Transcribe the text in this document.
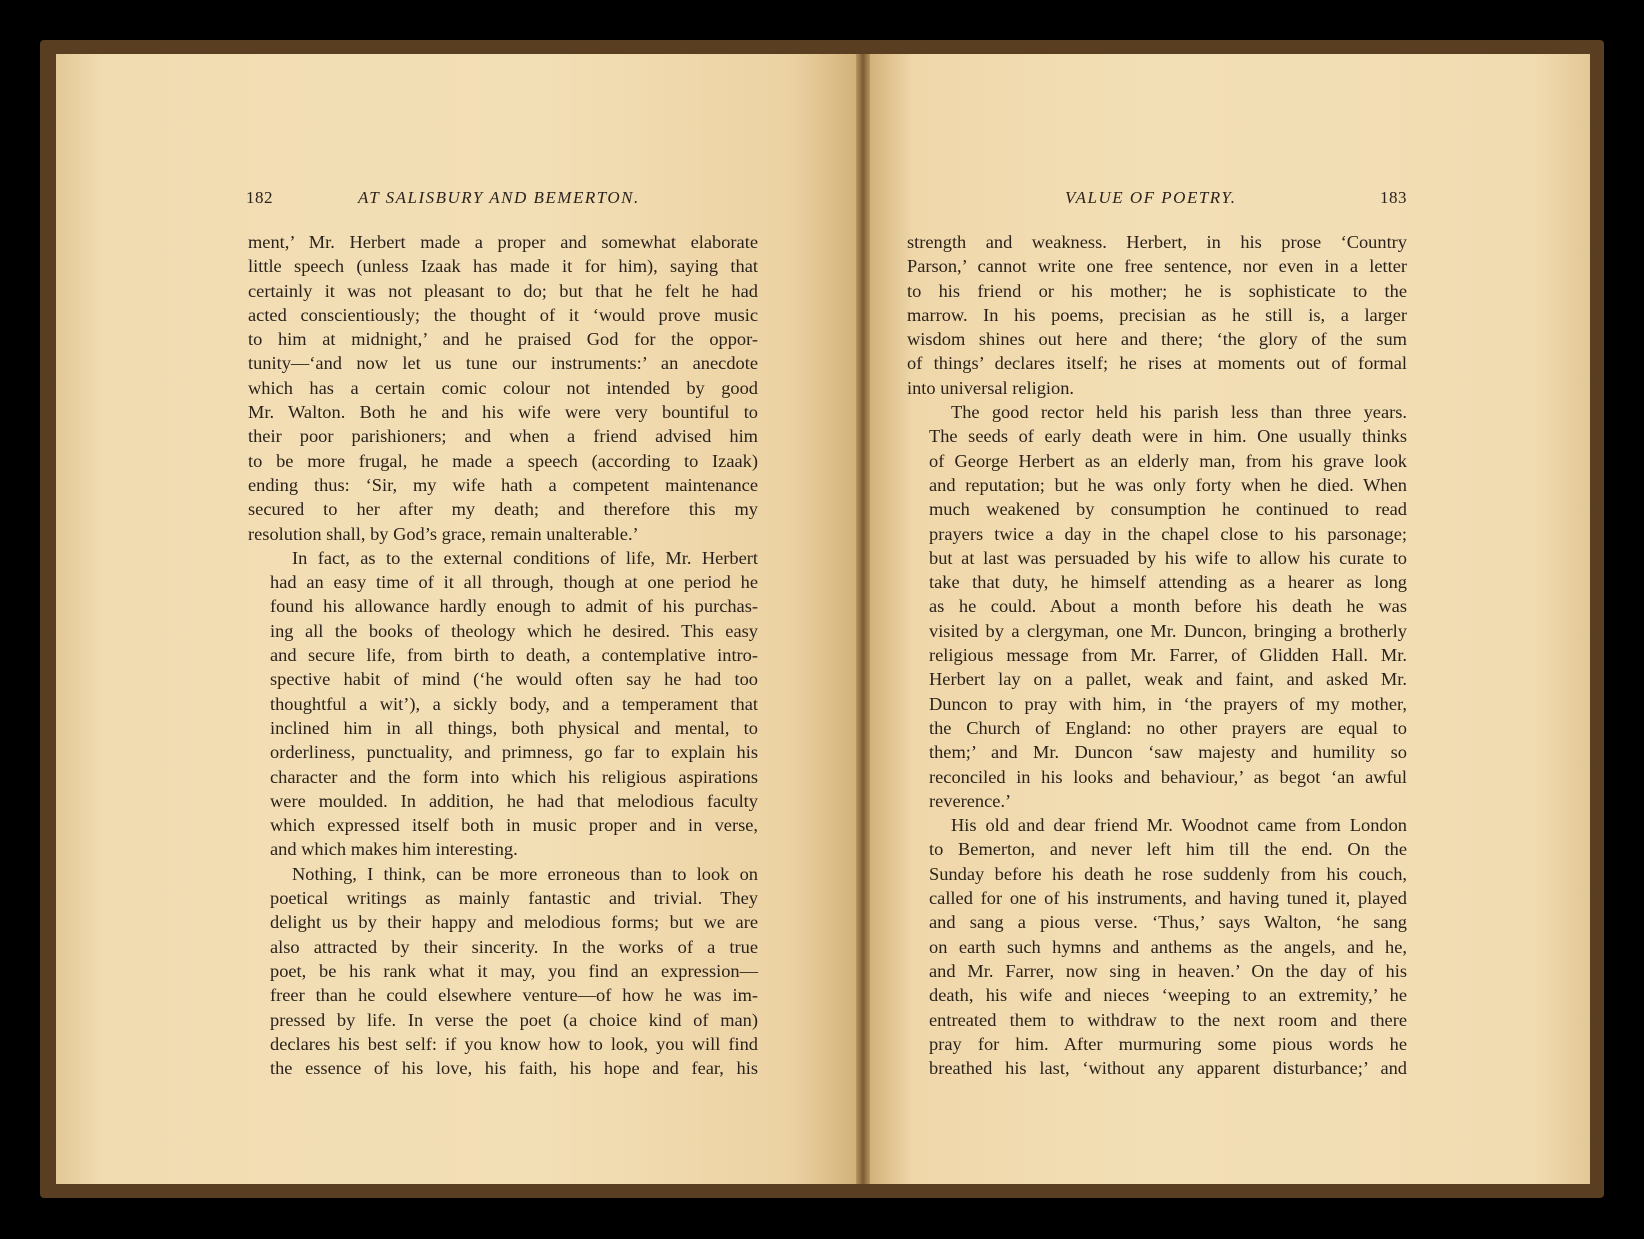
182	AT SALISBURY AND BEMERTON.

ment,’ Mr. Herbert made a proper and somewhat elaborate
little speech (unless Izaak has made it for him), saying that
certainly it was not pleasant to do; but that he felt he had
acted conscientiously; the thought of it ‘would prove music
to him at midnight,’ and he praised God for the oppor-
tunity—‘and now let us tune our instruments:’ an anecdote
which has a certain comic colour not intended by good
Mr. Walton. Both he and his wife were very bountiful to
their poor parishioners; and when a friend advised him
to be more frugal, he made a speech (according to Izaak)
ending thus: ‘Sir, my wife hath a competent maintenance
secured to her after my death; and therefore this my
resolution shall, by God’s grace, remain unalterable.’

In fact, as to the external conditions of life, Mr. Herbert
had an easy time of it all through, though at one period he
found his allowance hardly enough to admit of his purchas-
ing all the books of theology which he desired. This easy
and secure life, from birth to death, a contemplative intro-
spective habit of mind (‘he would often say he had too
thoughtful a wit’), a sickly body, and a temperament that
inclined him in all things, both physical and mental, to
orderliness, punctuality, and primness, go far to explain his
character and the form into which his religious aspirations
were moulded. In addition, he had that melodious faculty
which expressed itself both in music proper and in verse,
and which makes him interesting.

Nothing, I think, can be more erroneous than to look on
poetical writings as mainly fantastic and trivial. They
delight us by their happy and melodious forms; but we are
also attracted by their sincerity. In the works of a true
poet, be his rank what it may, you find an expression—
freer than he could elsewhere venture—of how he was im-
pressed by life. In verse the poet (a choice kind of man)
declares his best self: if you know how to look, you will find
the essence of his love, his faith, his hope and fear, his

VALUE OF POETRY.	183

strength and weakness. Herbert, in his prose ‘Country
Parson,’ cannot write one free sentence, nor even in a letter
to his friend or his mother; he is sophisticate to the
marrow. In his poems, precisian as he still is, a larger
wisdom shines out here and there; ‘the glory of the sum
of things’ declares itself; he rises at moments out of formal
into universal religion.

The good rector held his parish less than three years.
The seeds of early death were in him. One usually thinks
of George Herbert as an elderly man, from his grave look
and reputation; but he was only forty when he died. When
much weakened by consumption he continued to read
prayers twice a day in the chapel close to his parsonage;
but at last was persuaded by his wife to allow his curate to
take that duty, he himself attending as a hearer as long
as he could. About a month before his death he was
visited by a clergyman, one Mr. Duncon, bringing a brotherly
religious message from Mr. Farrer, of Glidden Hall. Mr.
Herbert lay on a pallet, weak and faint, and asked Mr.
Duncon to pray with him, in ‘the prayers of my mother,
the Church of England: no other prayers are equal to
them;’ and Mr. Duncon ‘saw majesty and humility so
reconciled in his looks and behaviour,’ as begot ‘an awful
reverence.’

His old and dear friend Mr. Woodnot came from London
to Bemerton, and never left him till the end. On the
Sunday before his death he rose suddenly from his couch,
called for one of his instruments, and having tuned it, played
and sang a pious verse. ‘Thus,’ says Walton, ‘he sang
on earth such hymns and anthems as the angels, and he,
and Mr. Farrer, now sing in heaven.’ On the day of his
death, his wife and nieces ‘weeping to an extremity,’ he
entreated them to withdraw to the next room and there
pray for him. After murmuring some pious words he
breathed his last, ‘without any apparent disturbance;’ and
